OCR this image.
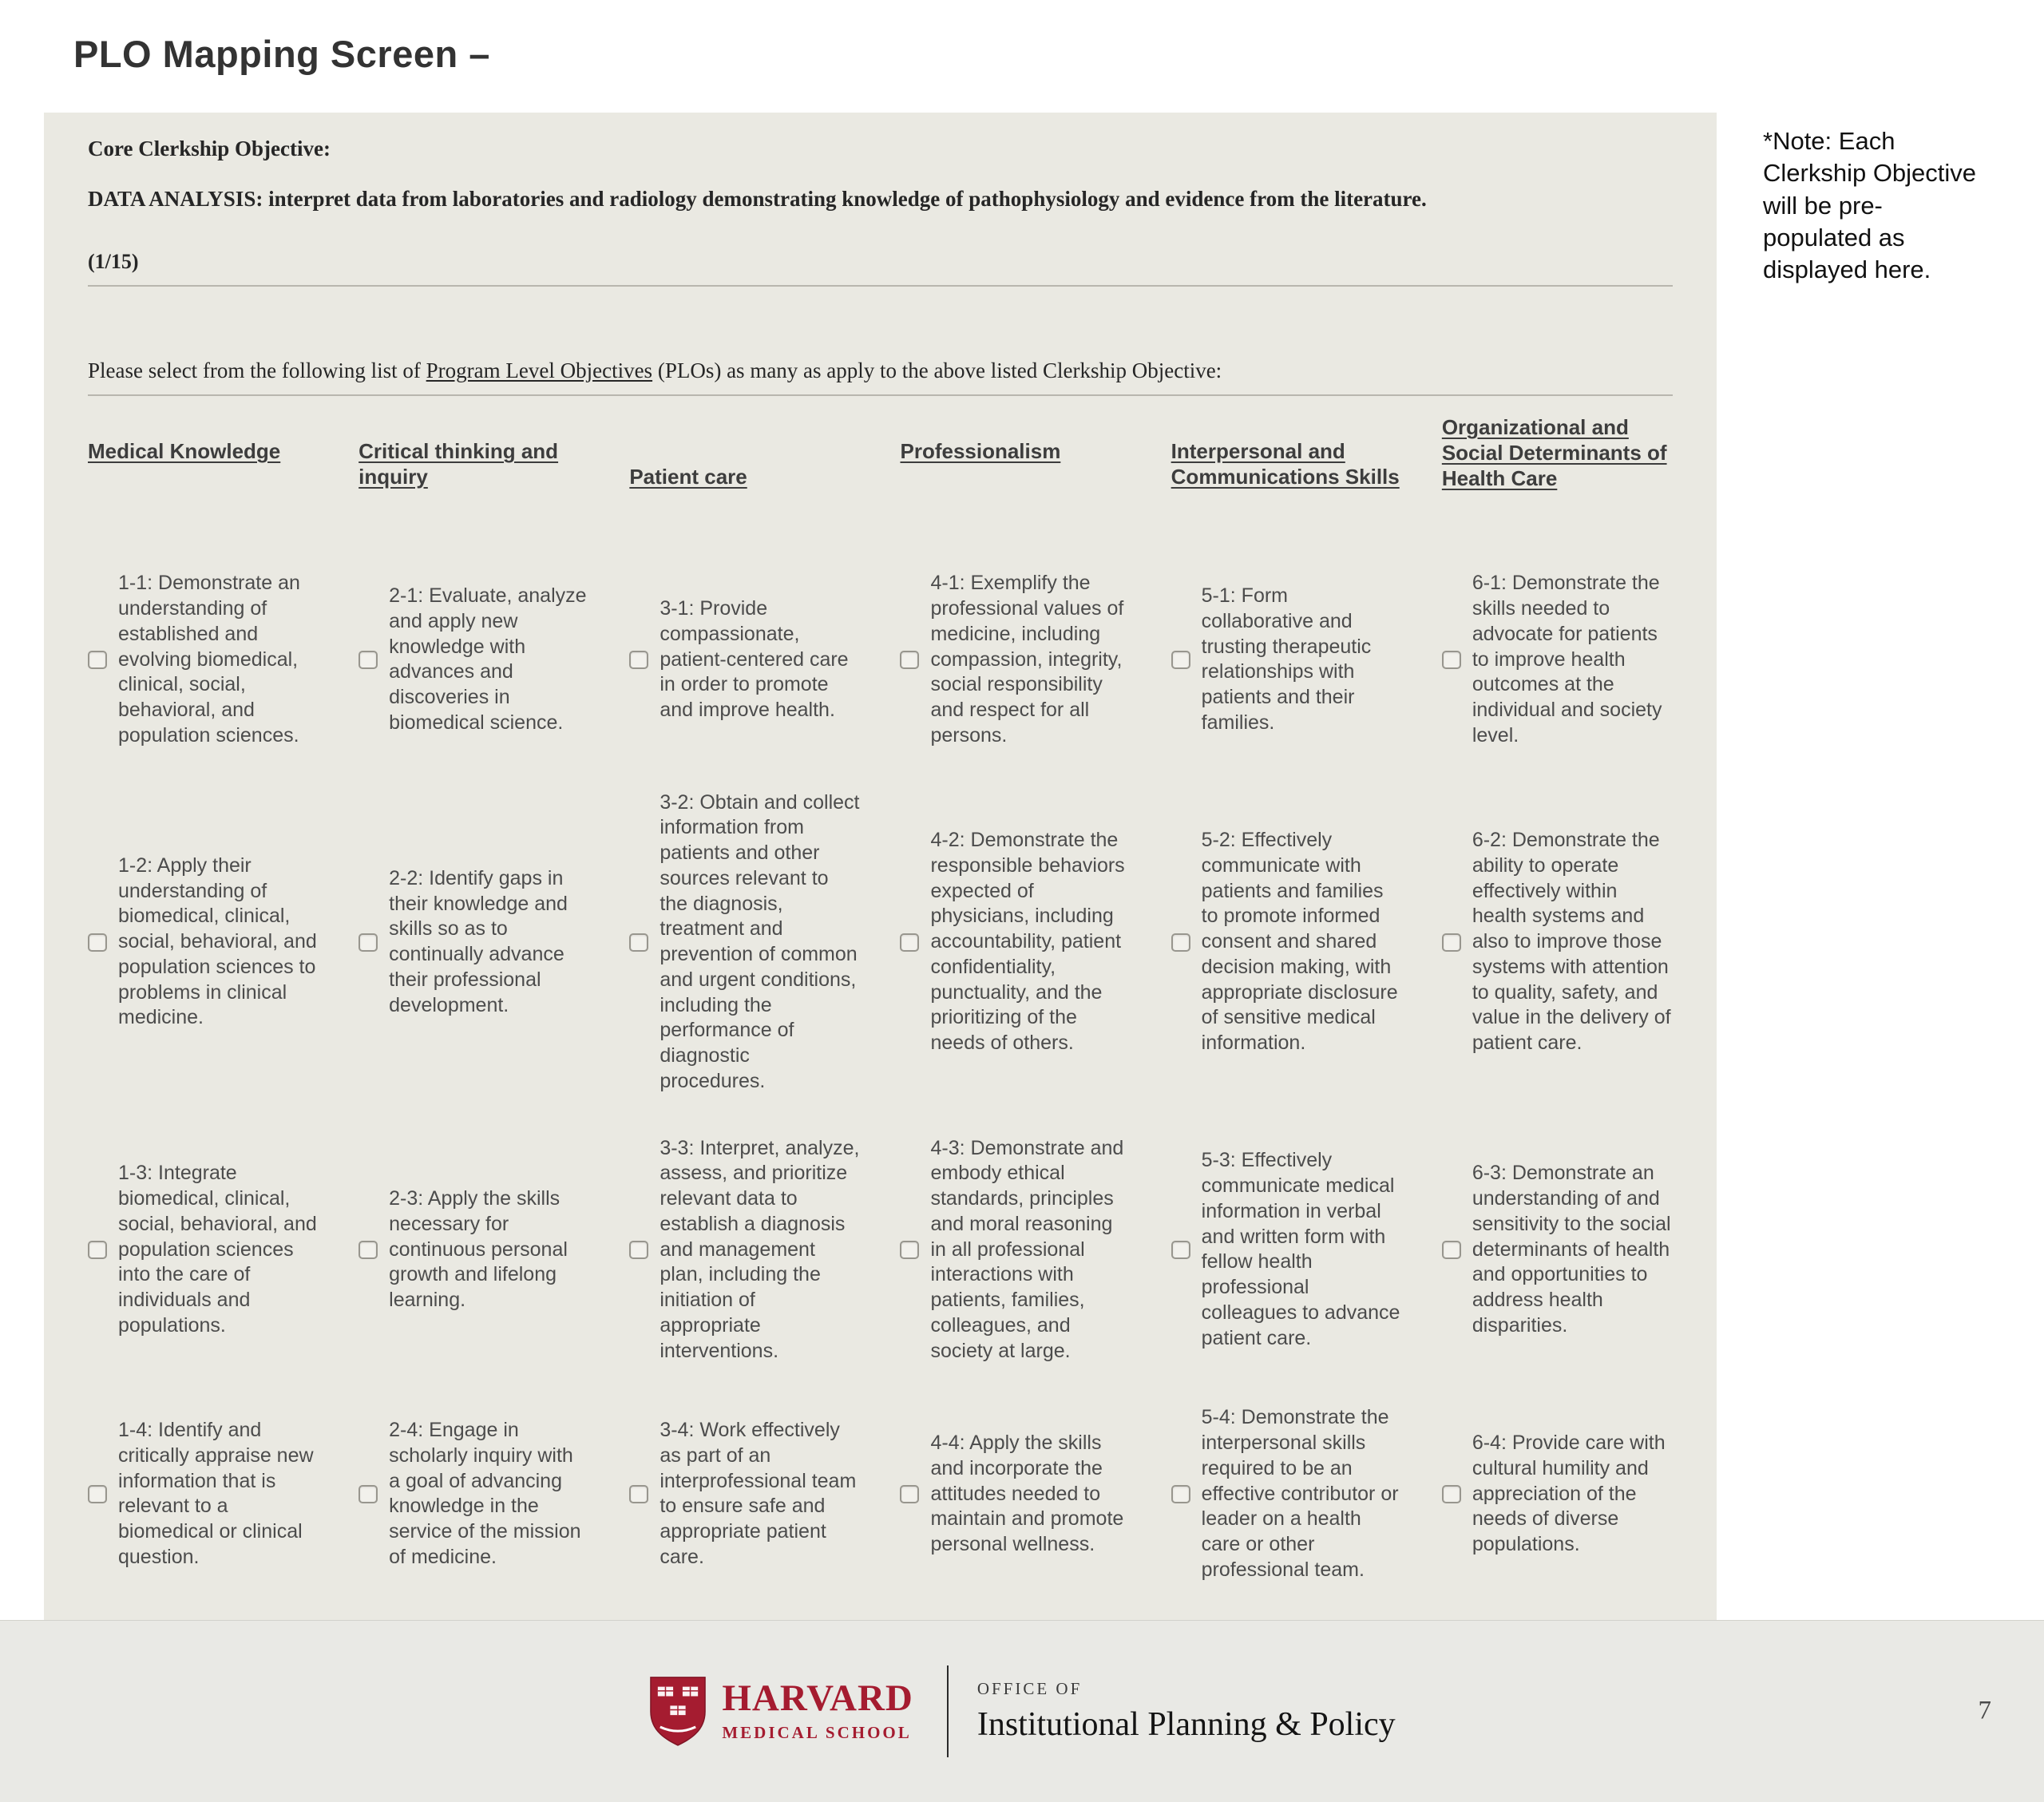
PLO Mapping Screen –

Core Clerkship Objective:

DATA ANALYSIS: interpret data from laboratories and radiology demonstrating knowledge of pathophysiology and evidence from the literature.

(1/15)

Please select from the following list of Program Level Objectives (PLOs) as many as apply to the above listed Clerkship Objective:

Medical Knowledge
1-1: Demonstrate an understanding of established and evolving biomedical, clinical, social, behavioral, and population sciences.
1-2: Apply their understanding of biomedical, clinical, social, behavioral, and population sciences to problems in clinical medicine.
1-3: Integrate biomedical, clinical, social, behavioral, and population sciences into the care of individuals and populations.
1-4: Identify and critically appraise new information that is relevant to a biomedical or clinical question.
Critical thinking and inquiry
2-1: Evaluate, analyze and apply new knowledge with advances and discoveries in biomedical science.
2-2: Identify gaps in their knowledge and skills so as to continually advance their professional development.
2-3: Apply the skills necessary for continuous personal growth and lifelong learning.
2-4: Engage in scholarly inquiry with a goal of advancing knowledge in the service of the mission of medicine.
Patient care
3-1: Provide compassionate, patient-centered care in order to promote and improve health.
3-2: Obtain and collect information from patients and other sources relevant to the diagnosis, treatment and prevention of common and urgent conditions, including the performance of diagnostic procedures.
3-3: Interpret, analyze, assess, and prioritize relevant data to establish a diagnosis and management plan, including the initiation of appropriate interventions.
3-4: Work effectively as part of an interprofessional team to ensure safe and appropriate patient care.
Professionalism
4-1: Exemplify the professional values of medicine, including compassion, integrity, social responsibility and respect for all persons.
4-2: Demonstrate the responsible behaviors expected of physicians, including accountability, patient confidentiality, punctuality, and the prioritizing of the needs of others.
4-3: Demonstrate and embody ethical standards, principles and moral reasoning in all professional interactions with patients, families, colleagues, and society at large.
4-4: Apply the skills and incorporate the attitudes needed to maintain and promote personal wellness.
Interpersonal and Communications Skills
5-1: Form collaborative and trusting therapeutic relationships with patients and their families.
5-2: Effectively communicate with patients and families to promote informed consent and shared decision making, with appropriate disclosure of sensitive medical information.
5-3: Effectively communicate medical information in verbal and written form with fellow health professional colleagues to advance patient care.
5-4: Demonstrate the interpersonal skills required to be an effective contributor or leader on a health care or other professional team.
Organizational and Social Determinants of Health Care
6-1: Demonstrate the skills needed to advocate for patients to improve health outcomes at the individual and society level.
6-2: Demonstrate the ability to operate effectively within health systems and also to improve those systems with attention to quality, safety, and value in the delivery of patient care.
6-3: Demonstrate an understanding of and sensitivity to the social determinants of health and opportunities to address health disparities.
6-4: Provide care with cultural humility and appreciation of the needs of diverse populations.
*Note: Each Clerkship Objective will be pre-populated as displayed here.
HARVARD
MEDICAL SCHOOL
OFFICE OF
Institutional Planning & Policy	7
